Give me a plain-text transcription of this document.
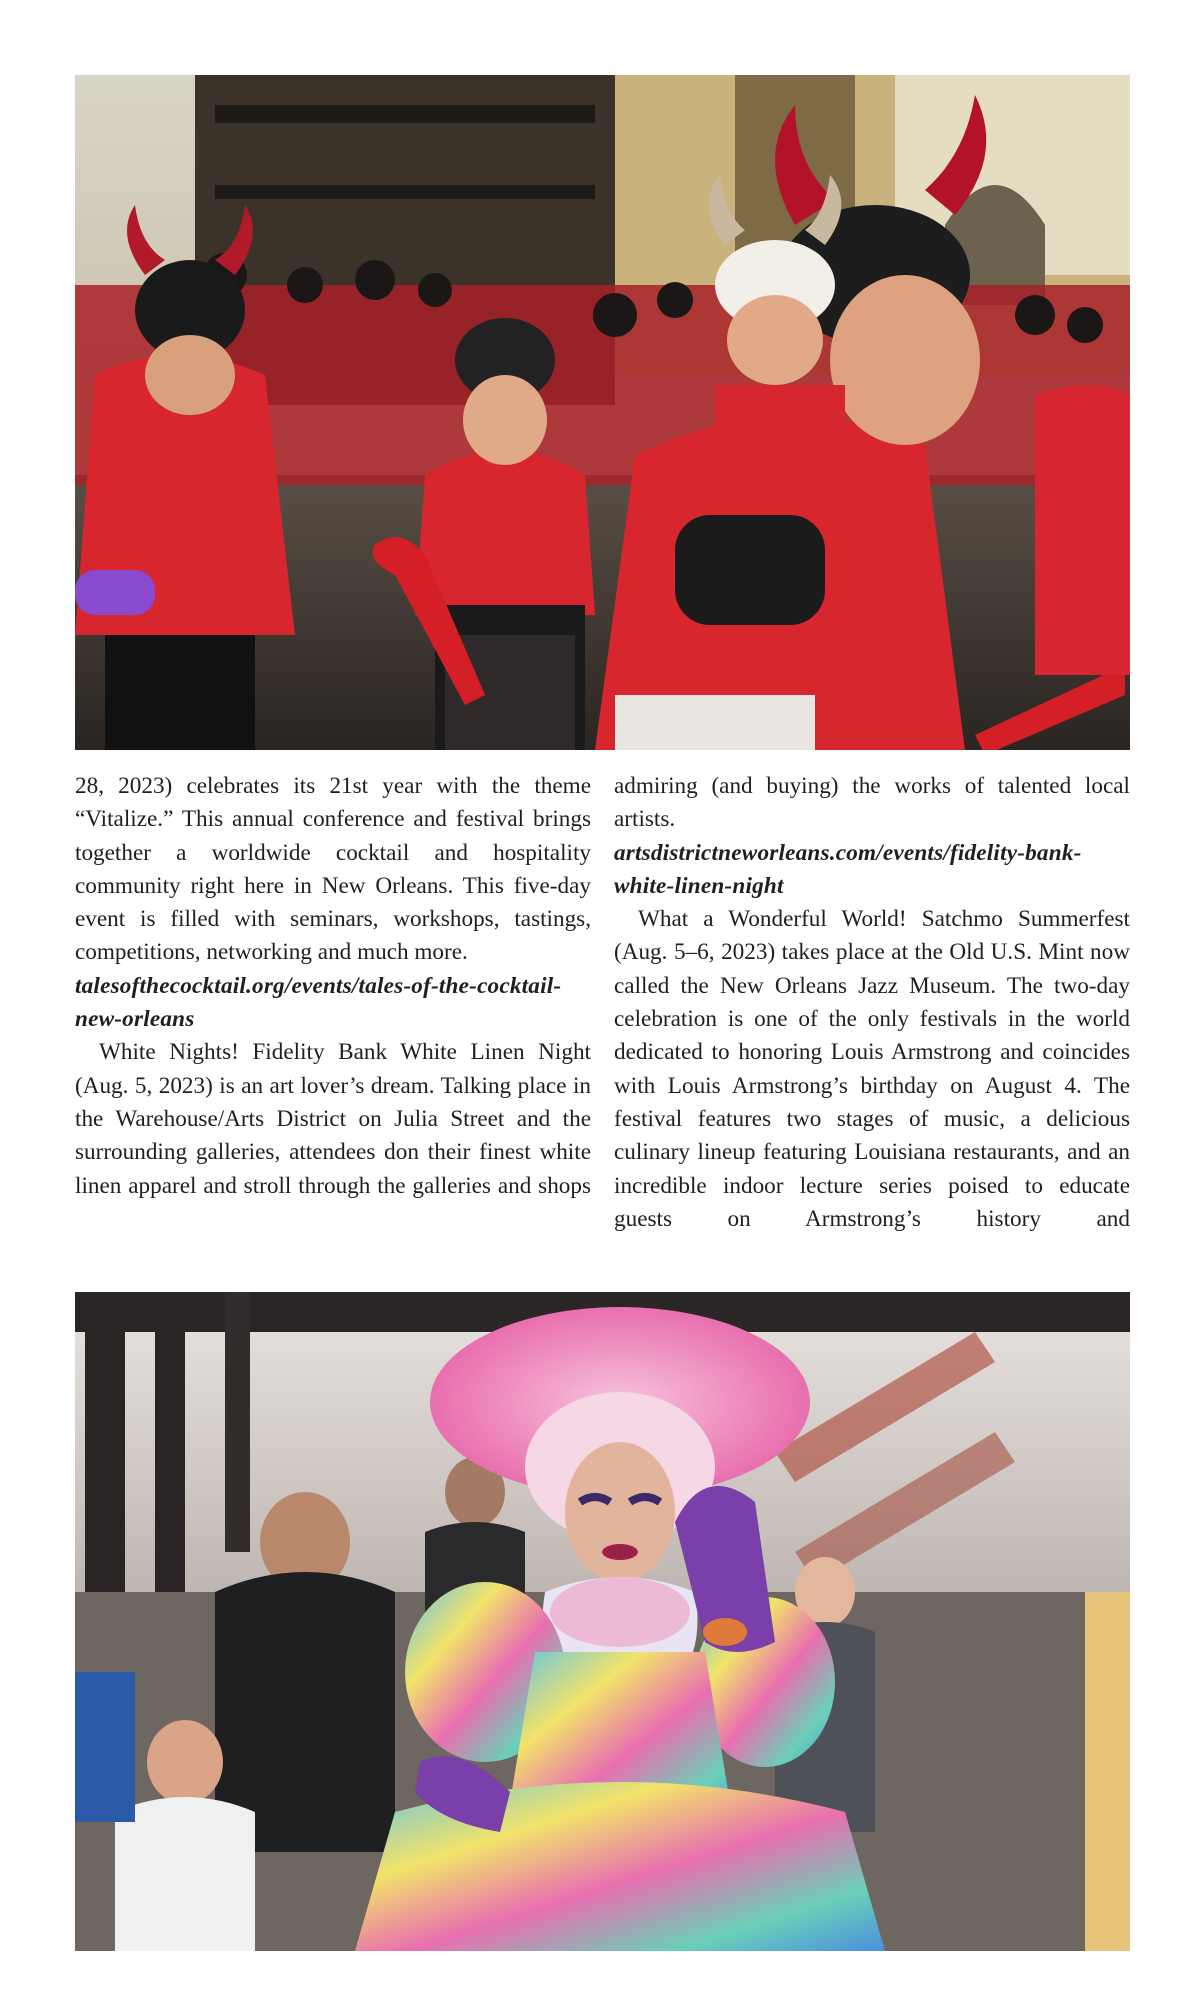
28, 2023) celebrates its 21st year with the theme “Vitalize.” This annual conference and festival brings together a worldwide cocktail and hospitality community right here in New Orleans. This five-day event is filled with seminars, workshops, tastings, competitions, networking and much more.

talesofthecocktail.org/events/tales-of-the-cocktail-new-orleans

White Nights! Fidelity Bank White Linen Night (Aug. 5, 2023) is an art lover’s dream. Talking place in the Warehouse/Arts District on Julia Street and the surrounding galleries, attendees don their finest white linen apparel and stroll through the galleries and shops

admiring (and buying) the works of talented local artists.

artsdistrictneworleans.com/events/fidelity-bank-white-linen-night

What a Wonderful World! Satchmo Summerfest (Aug. 5–6, 2023) takes place at the Old U.S. Mint now called the New Orleans Jazz Museum. The two-day celebration is one of the only festivals in the world dedicated to honoring Louis Armstrong and coincides with Louis Armstrong’s birthday on August 4. The festival features two stages of music, a delicious culinary lineup featuring Louisiana restaurants, and an incredible indoor lecture series poised to educate guests on Armstrong’s history and
